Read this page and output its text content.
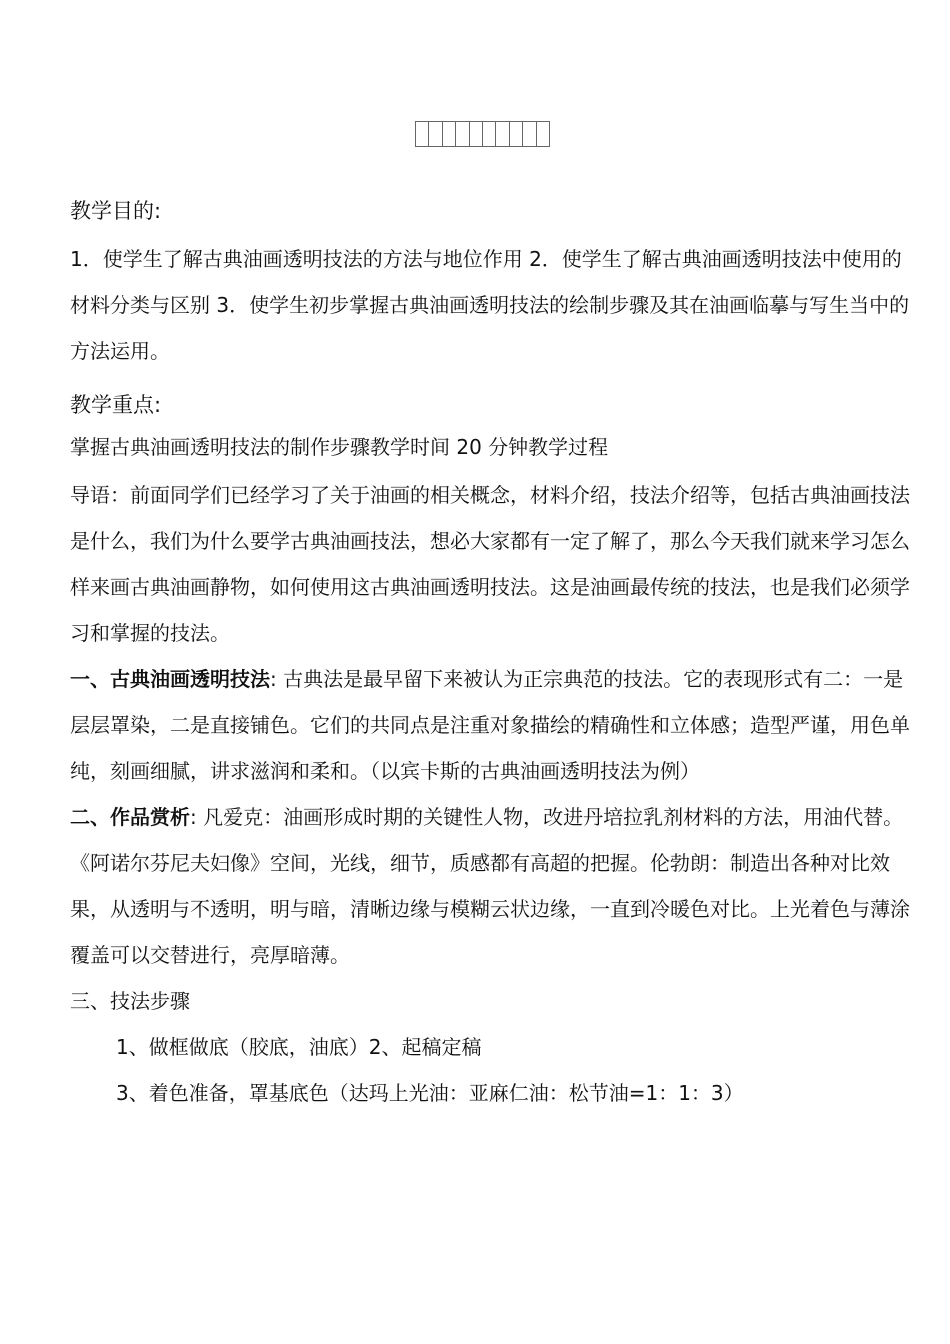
教学目的:

1．使学生了解古典油画透明技法的方法与地位作用 2．使学生了解古典油画透明技法中使用的材料分类与区别 3．使学生初步掌握古典油画透明技法的绘制步骤及其在油画临摹与写生当中的方法运用。

教学重点:

掌握古典油画透明技法的制作步骤教学时间 20 分钟教学过程

导语：前面同学们已经学习了关于油画的相关概念，材料介绍，技法介绍等，包括古典油画技法是什么，我们为什么要学古典油画技法，想必大家都有一定了解了，那么今天我们就来学习怎么样来画古典油画静物，如何使用这古典油画透明技法。这是油画最传统的技法，也是我们必须学习和掌握的技法。

一、古典油画透明技法: 古典法是最早留下来被认为正宗典范的技法。它的表现形式有二：一是层层罩染，二是直接铺色。它们的共同点是注重对象描绘的精确性和立体感；造型严谨，用色单纯，刻画细腻，讲求滋润和柔和。（以宾卡斯的古典油画透明技法为例）

二、作品赏析: 凡爱克：油画形成时期的关键性人物，改进丹培拉乳剂材料的方法，用油代替。《阿诺尔芬尼夫妇像》空间，光线，细节，质感都有高超的把握。伦勃朗：制造出各种对比效果，从透明与不透明，明与暗，清晰边缘与模糊云状边缘，一直到冷暖色对比。上光着色与薄涂覆盖可以交替进行，亮厚暗薄。

三、技法步骤

1、做框做底（胶底，油底）2、起稿定稿

3、着色准备，罩基底色（达玛上光油：亚麻仁油：松节油=1：1：3）
